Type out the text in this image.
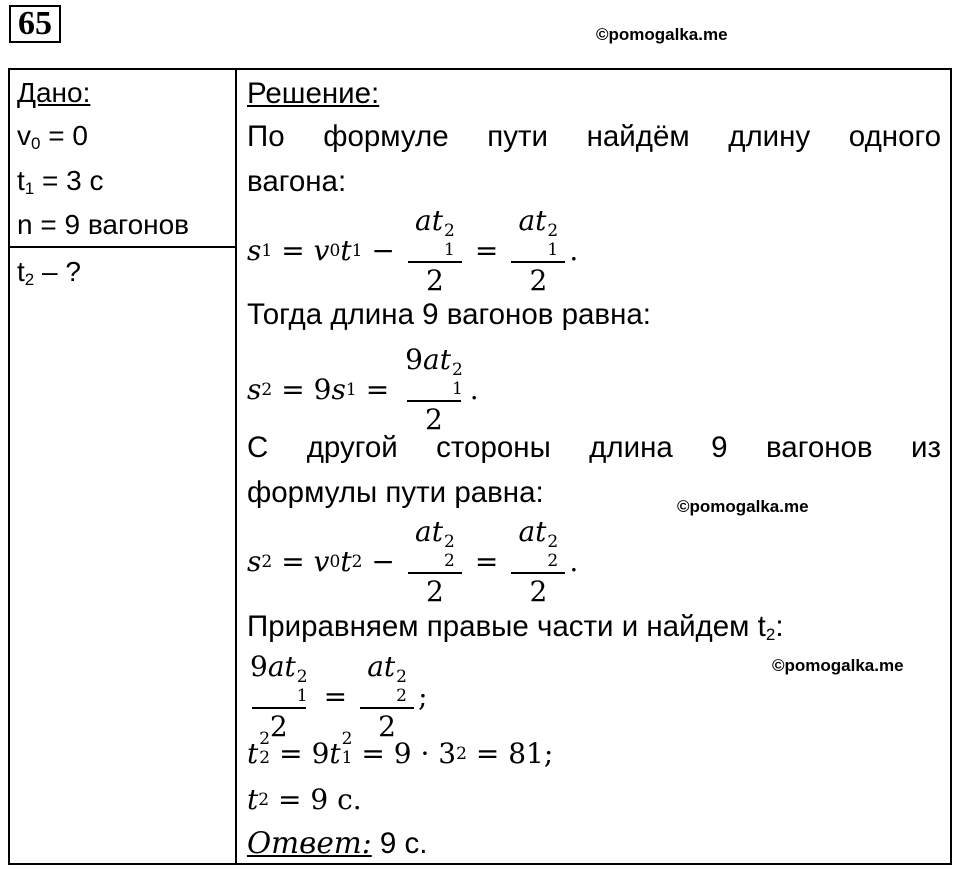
65	©pomogalka.me
©pomogalka.me
©pomogalka.me
Дано:
$v_0 = 0$
$t_1 = 3$ с
n = 9 вагонов
$t_2$ – ?
Решение:
По формуле пути найдём длину одного
вагона:
s 1 = v 0 t 1 − at 2
1
2 = at 2
1
2 .
Тогда длина 9 вагонов равна:
s 2 = 9 s 1 = 9at 2
1
2 .
С другой стороны длина 9 вагонов из
формулы пути равна:
s 2 = v 0 t 2 − at 2
2
2 = at 2
2
2 .
Приравняем правые части и найдем $t_2$:
9at 2
1
2 = at 2
2
2 ;
t 2
2 = 9 t 2
1
= 9 · 3 2
= 81;
t 2
= 9 с.
Ответ: 9 с.
